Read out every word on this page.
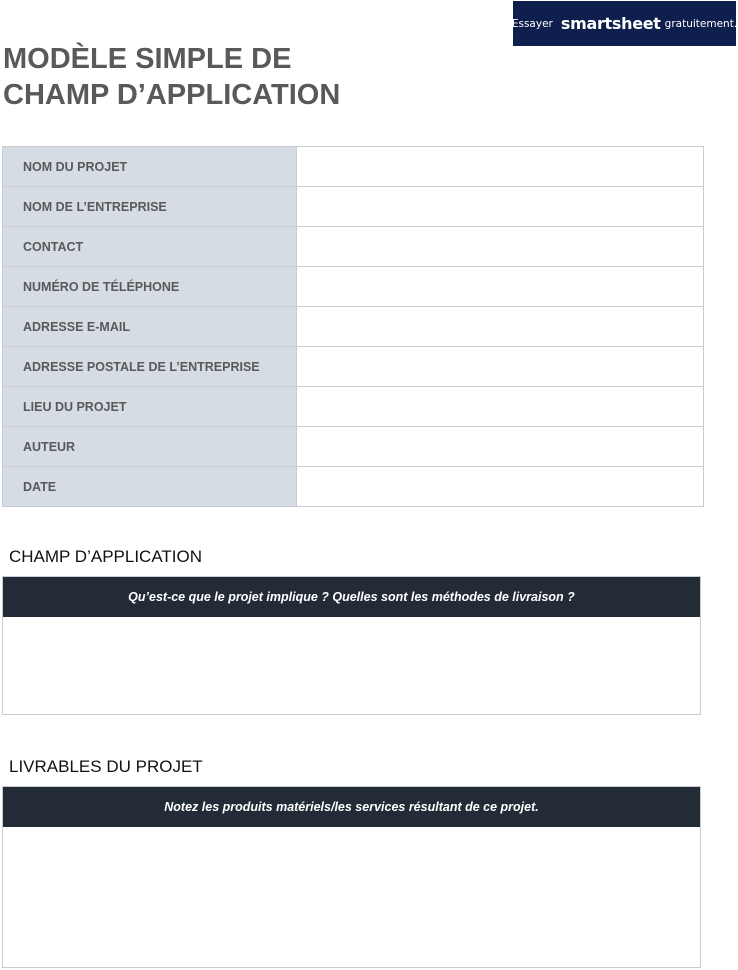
Essayer smartsheet gratuitement.
MODÈLE SIMPLE DE
CHAMP D’APPLICATION
NOM DU PROJET	
NOM DE L’ENTREPRISE	
CONTACT	
NUMÉRO DE TÉLÉPHONE	
ADRESSE E-MAIL	
ADRESSE POSTALE DE L’ENTREPRISE	
LIEU DU PROJET	
AUTEUR	
DATE	
CHAMP D’APPLICATION
Qu’est-ce que le projet implique ? Quelles sont les méthodes de livraison ?
LIVRABLES DU PROJET
Notez les produits matériels/les services résultant de ce projet.
